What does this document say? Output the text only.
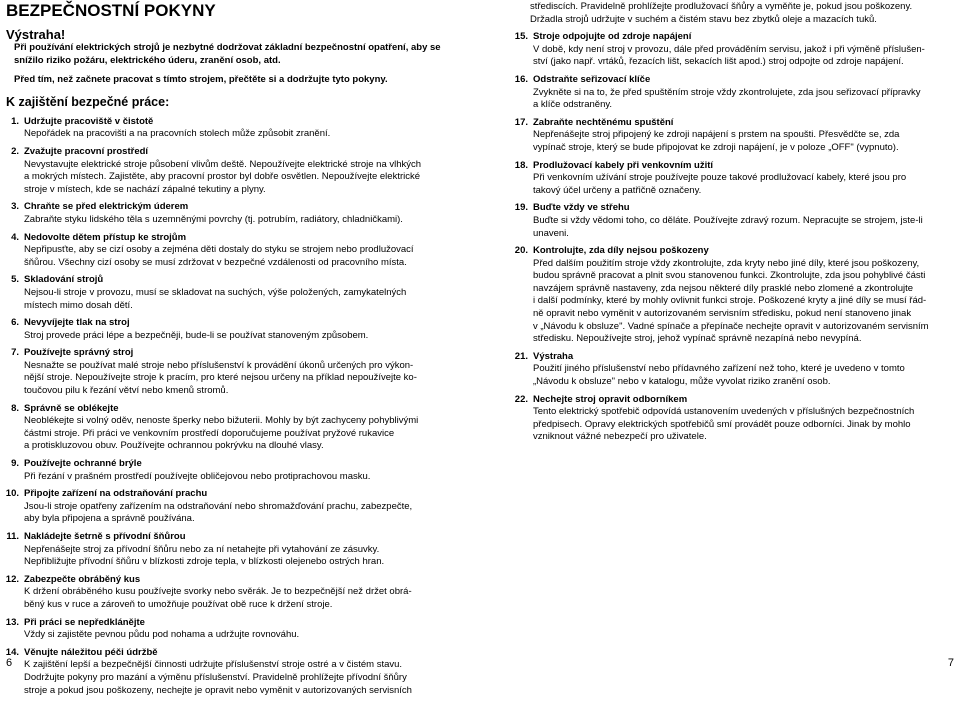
BEZPEČNOSTNÍ POKYNY
Výstraha!
Při používání elektrických strojů je nezbytné dodržovat základní bezpečnostní opatření, aby se snížilo riziko požáru, elektrického úderu, zranění osob, atd.
Před tím, než začnete pracovat s tímto strojem, přečtěte si a dodržujte tyto pokyny.
K zajištění bezpečné práce:
1. Udržujte pracoviště v čistotě
Nepořádek na pracovišti a na pracovních stolech může způsobit zranění.
2. Zvažujte pracovní prostředí
Nevystavujte elektrické stroje působení vlivům deště. Nepoužívejte elektrické stroje na vlhkých
a mokrých místech. Zajistěte, aby pracovní prostor byl dobře osvětlen. Nepoužívejte elektrické
stroje v místech, kde se nachází zápalné tekutiny a plyny.
3. Chraňte se před elektrickým úderem
Zabraňte styku lidského těla s uzemněnými povrchy (tj. potrubím, radiátory, chladničkami).
4. Nedovolte dětem přístup ke strojům
Nepřipusťte, aby se cizí osoby a zejména děti dostaly do styku se strojem nebo prodlužovací
šňůrou. Všechny cizí osoby se musí zdržovat v bezpečné vzdálenosti od pracovního místa.
5. Skladování strojů
Nejsou-li stroje v provozu, musí se skladovat na suchých, výše položených, zamykatelných
místech mimo dosah dětí.
6. Nevyvíjejte tlak na stroj
Stroj provede práci lépe a bezpečněji, bude-li se používat stanoveným způsobem.
7. Používejte správný stroj
Nesnažte se používat malé stroje nebo příslušenství k provádění úkonů určených pro výkon-
nější stroje. Nepoužívejte stroje k pracím, pro které nejsou určeny na příklad nepoužívejte ko-
toučovou pilu k řezání větví nebo kmenů stromů.
8. Správně se oblékejte
Neoblékejte si volný oděv, nenoste šperky nebo bižuterii. Mohly by být zachyceny pohyblivými
částmi stroje. Při práci ve venkovním prostředí doporučujeme používat pryžové rukavice
a protiskluzovou obuv. Používejte ochrannou pokrývku na dlouhé vlasy.
9. Používejte ochranné brýle
Při řezání v prašném prostředí používejte obličejovou nebo protiprachovou masku.
10. Připojte zařízení na odstraňování prachu
Jsou-li stroje opatřeny zařízením na odstraňování nebo shromažďování prachu, zabezpečte,
aby byla připojena a správně používána.
11. Nakládejte šetrně s přívodní šňůrou
Nepřenášejte stroj za přívodní šňůru nebo za ní netahejte při vytahování ze zásuvky.
Nepřibližujte přívodní šňůru v blízkosti zdroje tepla, v blízkosti olejenebo ostrých hran.
12. Zabezpečte obráběný kus
K držení obráběného kusu používejte svorky nebo svěrák. Je to bezpečnější než držet obrá-
běný kus v ruce a zároveň to umožňuje používat obě ruce k držení stroje.
13. Při práci se nepředklánějte
Vždy si zajistěte pevnou půdu pod nohama a udržujte rovnováhu.
14. Věnujte náležitou péči údržbě
K zajištění lepší a bezpečnější činnosti udržujte příslušenství stroje ostré a v čistém stavu.
Dodržujte pokyny pro mazání a výměnu příslušenství. Pravidelně prohlížejte přívodní šňůry
stroje a pokud jsou poškozeny, nechejte je opravit nebo vyměnit v autorizovaných servisních
střediscích. Pravidelně prohlížejte prodlužovací šňůry a vyměňte je, pokud jsou poškozeny.
Držadla strojů udržujte v suchém a čistém stavu bez zbytků oleje a mazacích tuků.
15. Stroje odpojujte od zdroje napájení
V době, kdy není stroj v provozu, dále před prováděním servisu, jakož i při výměně příslušen-
ství (jako např. vrtáků, řezacích lišt, sekacích lišt apod.) stroj odpojte od zdroje napájení.
16. Odstraňte seřizovací klíče
Zvykněte si na to, že před spuštěním stroje vždy zkontrolujete, zda jsou seřizovací přípravky
a klíče odstraněny.
17. Zabraňte nechtěnému spuštění
Nepřenášejte stroj připojený ke zdroji napájení s prstem na spoušti. Přesvědčte se, zda
vypínač stroje, který se bude připojovat ke zdroji napájení, je v poloze „OFF" (vypnuto).
18. Prodlužovací kabely při venkovním užití
Při venkovním užívání stroje používejte pouze takové prodlužovací kabely, které jsou pro
takový účel určeny a patřičně označeny.
19. Buďte vždy ve střehu
Buďte si vždy vědomi toho, co děláte. Používejte zdravý rozum. Nepracujte se strojem, jste-li
unaveni.
20. Kontrolujte, zda díly nejsou poškozeny
Před dalším použitím stroje vždy zkontrolujte, zda kryty nebo jiné díly, které jsou poškozeny,
budou správně pracovat a plnit svou stanovenou funkci. Zkontrolujte, zda jsou pohyblivé části
navzájem správně nastaveny, zda nejsou některé díly prasklé nebo zlomené a zkontrolujte
i další podmínky, které by mohly ovlivnit funkci stroje. Poškozené kryty a jiné díly se musí řád-
ně opravit nebo vyměnit v autorizovaném servisním středisku, pokud není stanoveno jinak
v „Návodu k obsluze". Vadné spínače a přepínače nechejte opravit v autorizovaném servisním
středisku. Nepoužívejte stroj, jehož vypínač správně nezapíná nebo nevypíná.
21. Výstraha
Použití jiného příslušenství nebo přídavného zařízení než toho, které je uvedeno v tomto
„Návodu k obsluze" nebo v katalogu, může vyvolat riziko zranění osob.
22. Nechejte stroj opravit odborníkem
Tento elektrický spotřebič odpovídá ustanovením uvedených v příslušných bezpečnostních
předpisech. Opravy elektrických spotřebičů smí provádět pouze odborníci. Jinak by mohlo
vzniknout vážné nebezpečí pro uživatele.
6	7
